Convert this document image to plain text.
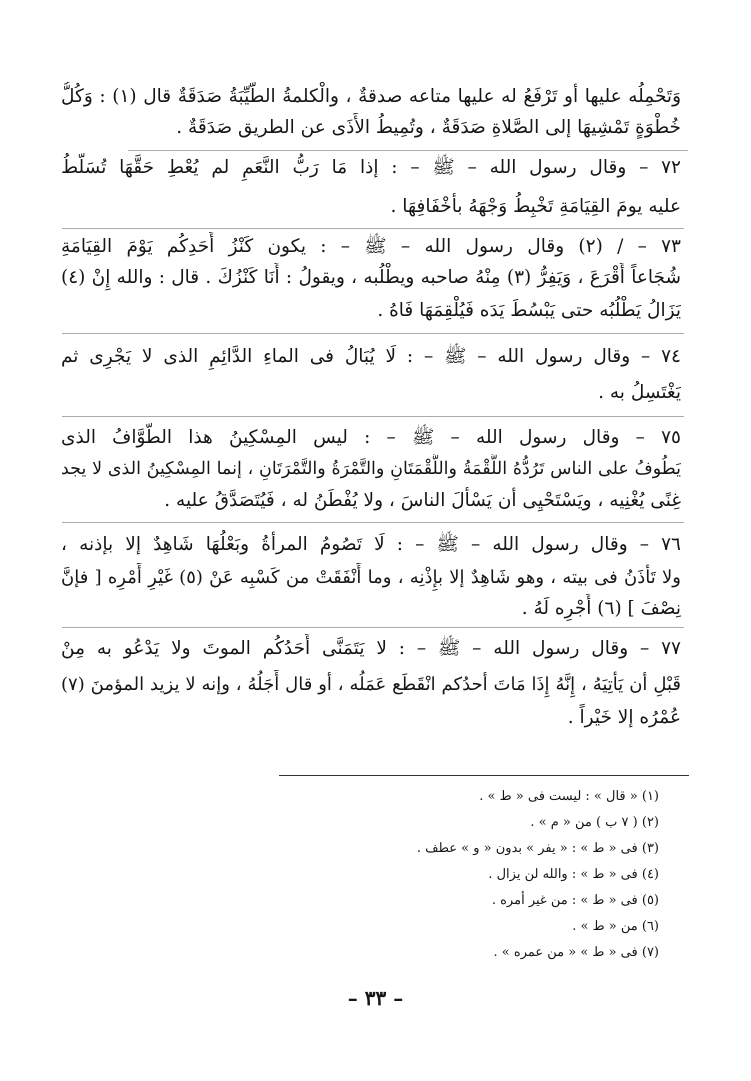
وَتَحْمِلُه عليها أو تَرْفَعُ له عليها متاعه صدقةٌ ، والْكلمةُ الطَّيِّبَةُ صَدَقَةٌ قال (١) : وَكُلُّ
خُطْوَةٍ تَمْشِيهَا إلى الصَّلاةِ صَدَقَةٌ ، وتُمِيطُ الأَذَى عن الطريق صَدَقَةٌ .
٧٢ – وقال رسول الله – ﷺ – : إذا مَا رَبُّ النَّعَمِ لم يُعْطِ حَقَّهَا تُسَلَّطُ
عليه يومَ القِيَامَةِ تَخْبِطُ وَجْهَهُ بأَخْفَافِهَا .
٧٣ – / (٢) وقال رسول الله – ﷺ – : يكون كَنْزُ أَحَدِكُم يَوْمَ القِيَامَةِ
شُجَاعاً أَقْرَعَ ، وَيَفِرُّ (٣) مِنْهُ صاحبه ويطْلُبه ، ويقولُ : أَنَا كَنْزُكَ . قال : والله إِنْ (٤)
يَزَالُ يَطْلُبُه حتى يَبْسُطَ يَدَه فَيُلْقِمَهَا فَاهُ .
٧٤ – وقال رسول الله – ﷺ – : لَا يُبَالُ فى الماءِ الدَّائِمِ الذى لا يَجْرِى ثم
يَغْتَسِلُ به .
٧٥ – وقال رسول الله – ﷺ – : ليس المِسْكِينُ هذا الطَّوَّافُ الذى
يَطُوفُ على الناس تَرُدُّهُ اللُّقْمَةُ واللُّقْمَتَانِ والتَّمْرَةُ والتَّمْرَتَانِ ، إنما المِسْكِينُ الذى لا يجد
غِنًى يُغْنِيه ، ويَسْتَحْيِى أن يَسْأَلَ الناسَ ، ولا يُفْطَنُ له ، فَيُتَصَدَّقُ عليه .
٧٦ – وقال رسول الله – ﷺ – : لَا تَصُومُ المرأةُ وبَعْلُهَا شَاهِدٌ إلا بإذنه ،
ولا تَأْذَنُ فى بيته ، وهو شَاهِدٌ إلا بإِذْنِه ، وما أَنْفَقَتْ من كَسْبِه عَنْ (٥) غَيْرِ أَمْرِه [ فإنَّ
نِصْفَ ] (٦) أَجْرِه لَهُ .
٧٧ – وقال رسول الله – ﷺ – : لا يَتَمَنَّى أَحَدُكُم الموتَ ولا يَدْعُو به مِنْ
قَبْلِ أن يَأْتِيَهُ ، إِنَّهُ إِذَا مَاتَ أحدُكم انْقَطَع عَمَلُه ، أو قال أَجَلُهُ ، وإنه لا يزيد المؤمنَ (٧)
عُمْرُه إلا خَيْراً .
(١) « قال » : ليست فى « ط » .
(٢) ( ٧ ب ) من « م » .
(٣) فى « ط » : « يفر » بدون « و » عطف .
(٤) فى « ط » : والله لن يزال .
(٥) فى « ط » : من غير أمره .
(٦) من « ط » .
(٧) فى « ط » « من عمره » .
– ٣٣ –
